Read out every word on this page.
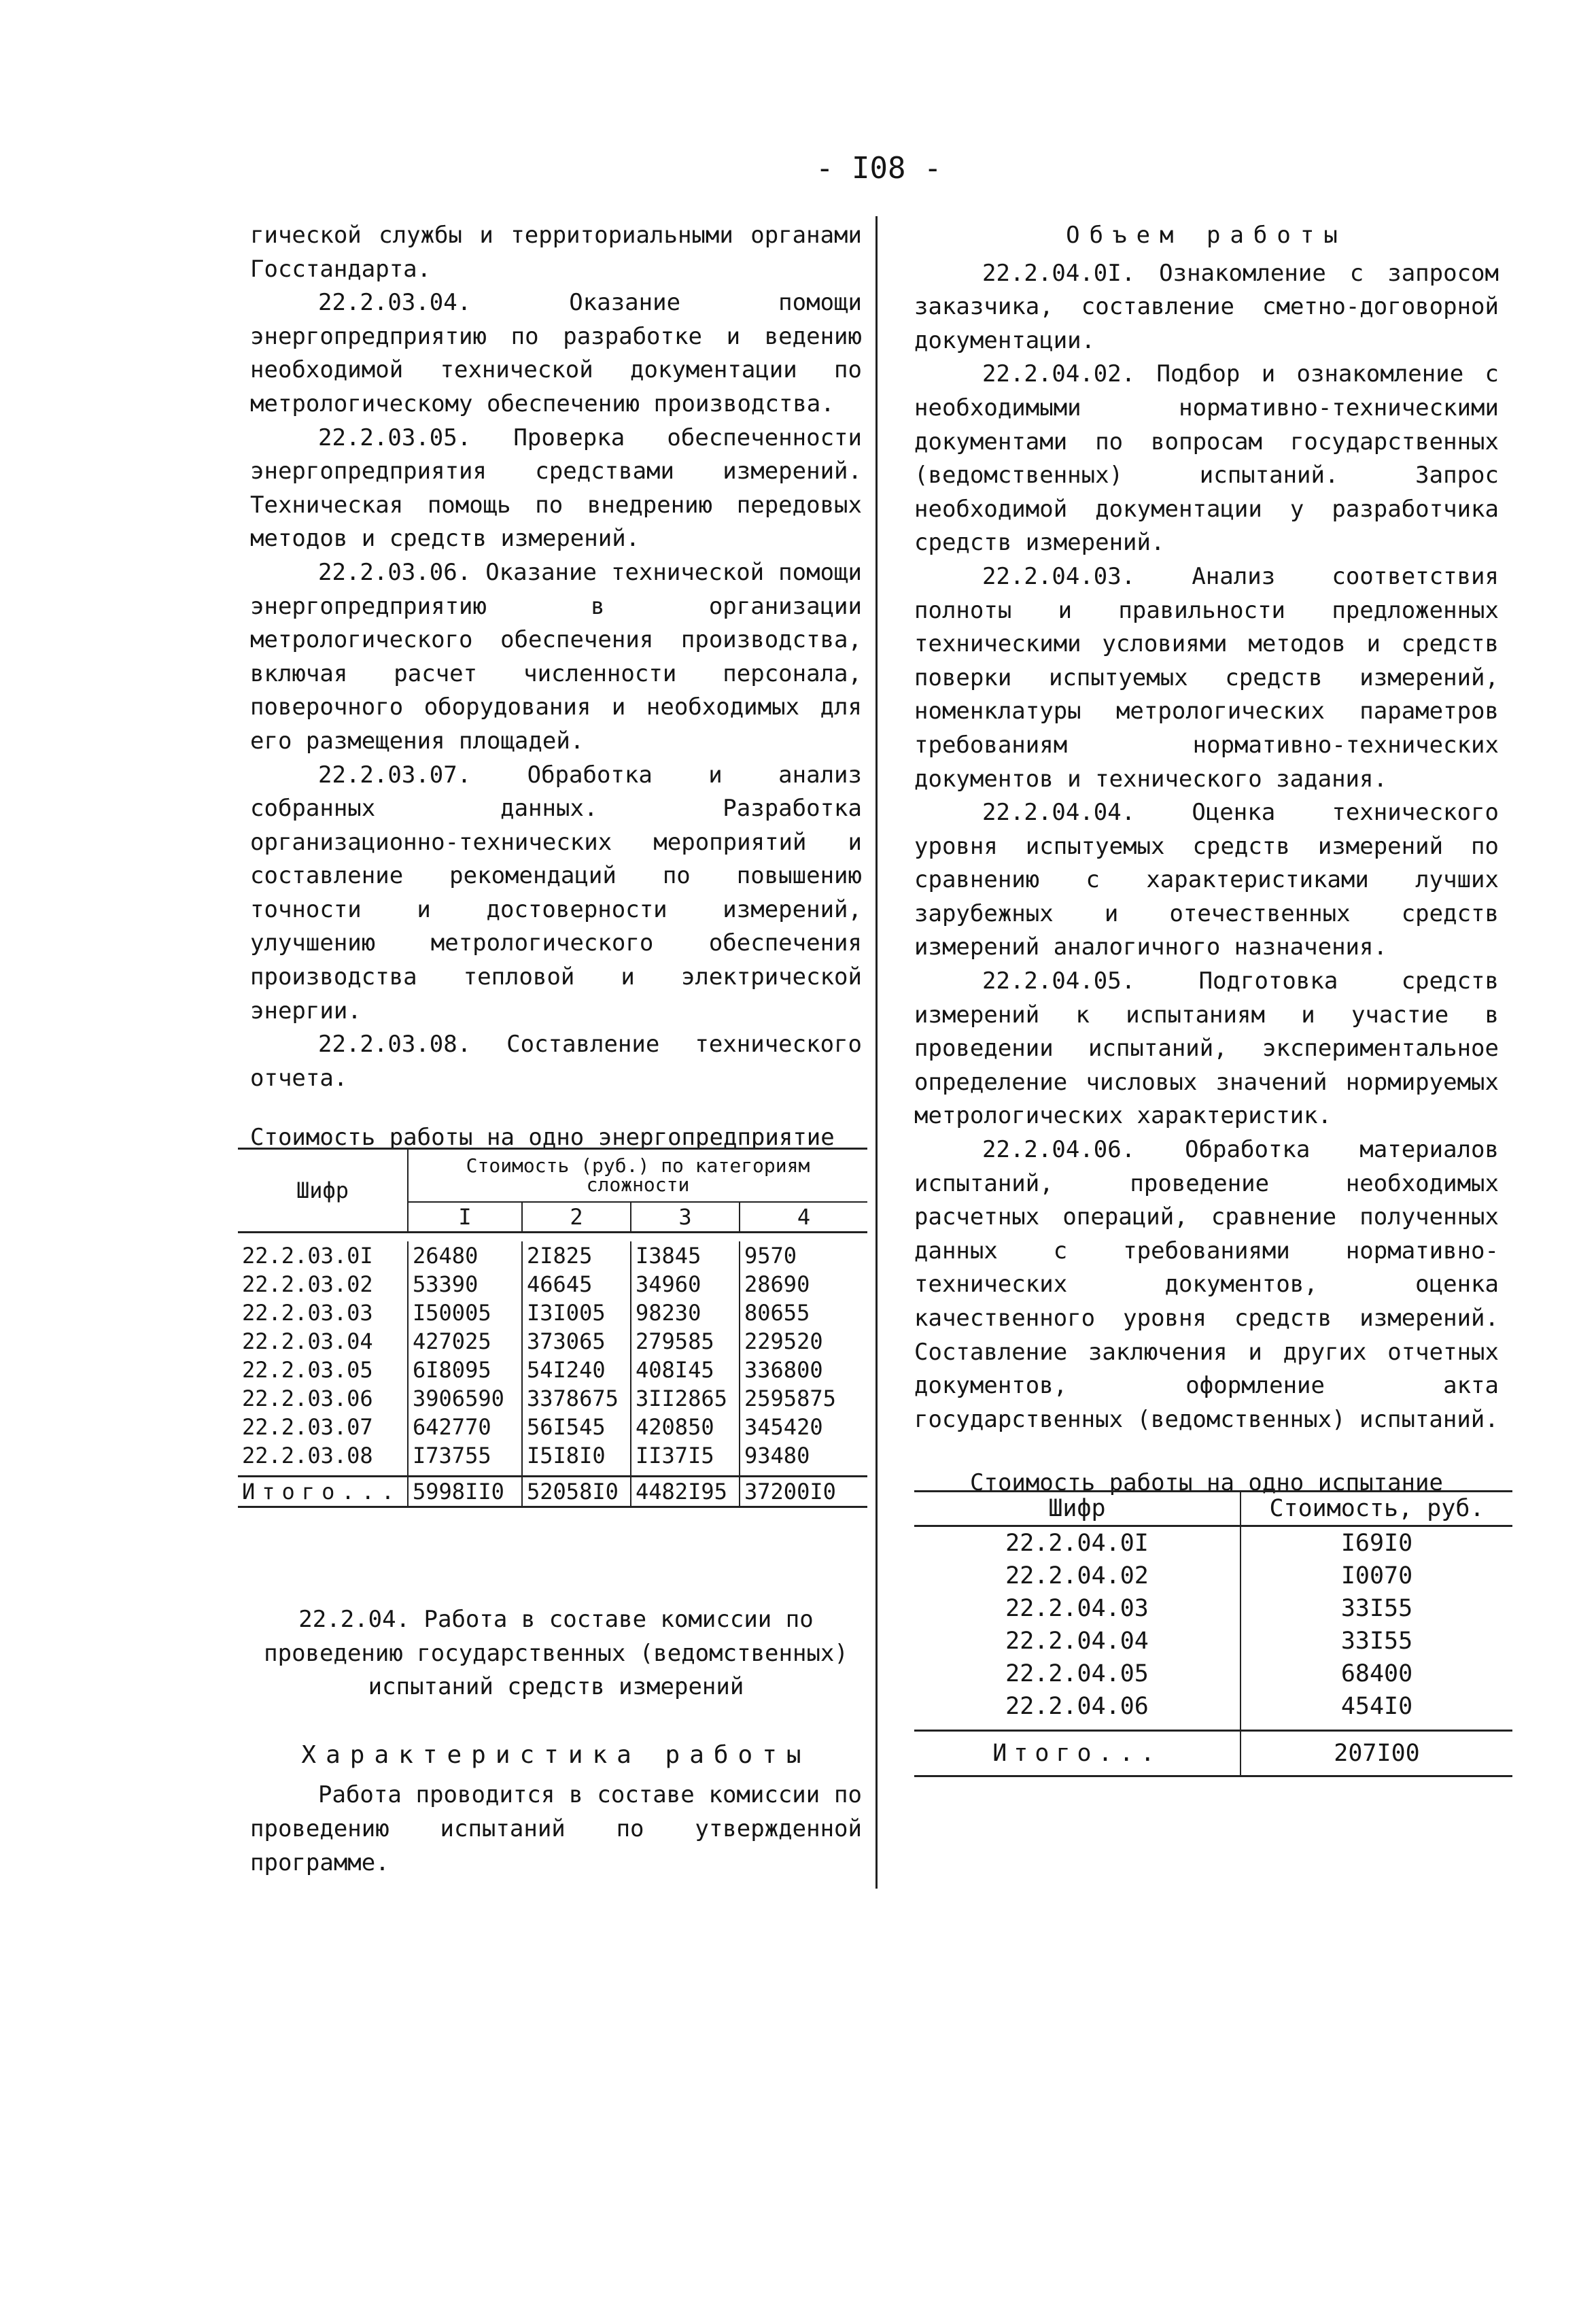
- I08 -

гической службы и территориальными органами Госстандарта.

22.2.03.04. Оказание помощи энергопредприятию по разработке и ведению необходимой технической документации по метрологическому обеспечению производства.

22.2.03.05. Проверка обеспеченности энергопредприятия средствами измерений. Техническая помощь по внедрению передовых методов и средств измерений.

22.2.03.06. Оказание технической помощи энергопредприятию в организации метрологического обеспечения производства, включая расчет численности персонала, поверочного оборудования и необходимых для его размещения площадей.

22.2.03.07. Обработка и анализ собранных данных. Разработка организационно-технических мероприятий и составление рекомендаций по повышению точности и достоверности измерений, улучшению метрологического обеспечения производства тепловой и электрической энергии.

22.2.03.08. Составление технического отчета.

Стоимость работы на одно энергопредприятие

Шифр	Стоимость (руб.) по категориям сложности			
	I	2	3	4

22.2.03.0I	26480	2I825	I3845	9570
22.2.03.02	53390	46645	34960	28690
22.2.03.03	I50005	I3I005	98230	80655
22.2.03.04	427025	373065	279585	229520
22.2.03.05	6I8095	54I240	408I45	336800
22.2.03.06	3906590	3378675	3II2865	2595875
22.2.03.07	642770	56I545	420850	345420
22.2.03.08	I73755	I5I8I0	II37I5	93480

Итого...	5998II0	52058I0	4482I95	37200I0

22.2.04. Работа в составе комиссии по проведению государственных (ведомственных) испытаний средств измерений

Характеристика работы

Работа проводится в составе комиссии по проведению испытаний по утвержденной программе.

Объем работы

22.2.04.0I. Ознакомление с запросом заказчика, составление сметно-договорной документации.

22.2.04.02. Подбор и ознакомление с необходимыми нормативно-техническими документами по вопросам государственных (ведомственных) испытаний. Запрос необходимой документации у разработчика средств измерений.

22.2.04.03. Анализ соответствия полноты и правильности предложенных техническими условиями методов и средств поверки испытуемых средств измерений, номенклатуры метрологических параметров требованиям нормативно-технических документов и технического задания.

22.2.04.04. Оценка технического уровня испытуемых средств измерений по сравнению с характеристиками лучших зарубежных и отечественных средств измерений аналогичного назначения.

22.2.04.05. Подготовка средств измерений к испытаниям и участие в проведении испытаний, экспериментальное определение числовых значений нормируемых метрологических характеристик.

22.2.04.06. Обработка материалов испытаний, проведение необходимых расчетных операций, сравнение полученных данных с требованиями нормативно-технических документов, оценка качественного уровня средств измерений. Составление заключения и других отчетных документов, оформление акта государственных (ведомственных) испытаний.

Стоимость работы на одно испытание

Шифр	Стоимость, руб.
22.2.04.0I	I69I0
22.2.04.02	I0070
22.2.04.03	33I55
22.2.04.04	33I55
22.2.04.05	68400
22.2.04.06	454I0

Итого...	207I00
